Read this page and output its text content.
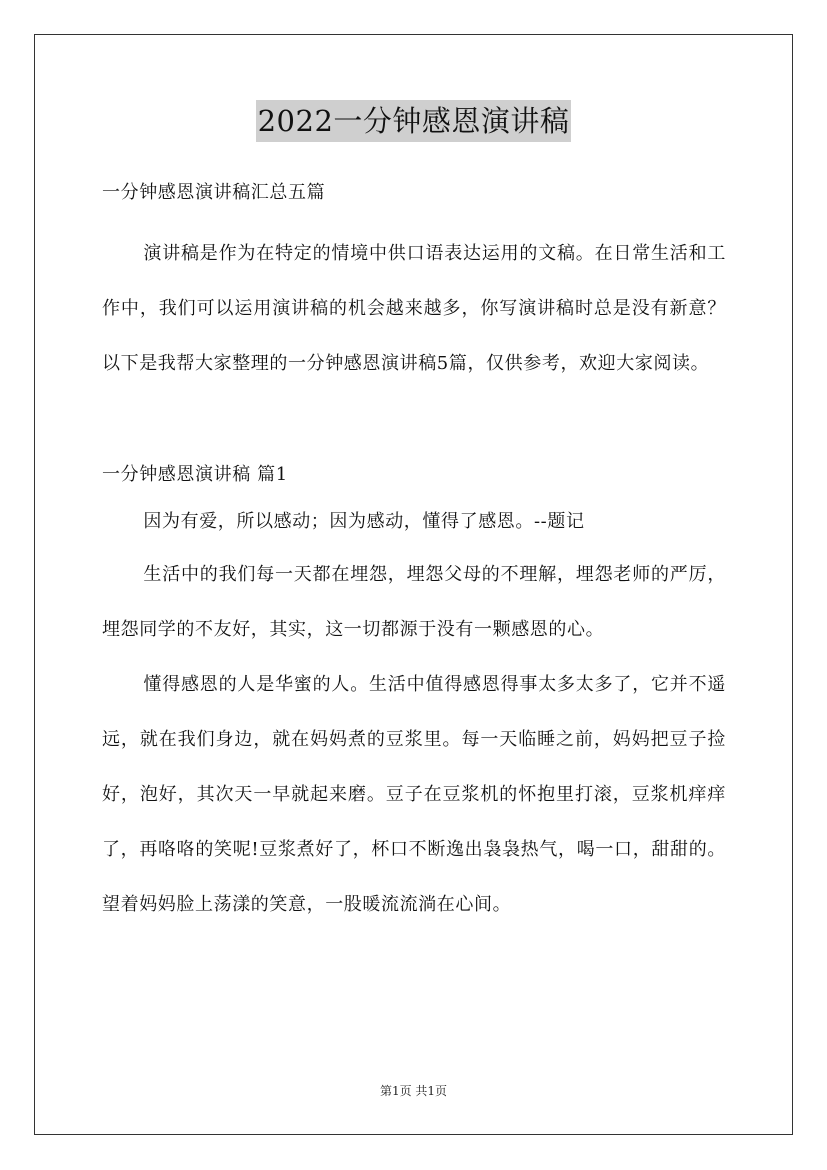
2022一分钟感恩演讲稿

一分钟感恩演讲稿汇总五篇

演讲稿是作为在特定的情境中供口语表达运用的文稿。在日常生活和工作中，我们可以运用演讲稿的机会越来越多，你写演讲稿时总是没有新意？以下是我帮大家整理的一分钟感恩演讲稿5篇，仅供参考，欢迎大家阅读。

一分钟感恩演讲稿 篇1

因为有爱，所以感动；因为感动，懂得了感恩。--题记

生活中的我们每一天都在埋怨，埋怨父母的不理解，埋怨老师的严厉，埋怨同学的不友好，其实，这一切都源于没有一颗感恩的心。

懂得感恩的人是华蜜的人。生活中值得感恩得事太多太多了，它并不遥远，就在我们身边，就在妈妈煮的豆浆里。每一天临睡之前，妈妈把豆子捡好，泡好，其次天一早就起来磨。豆子在豆浆机的怀抱里打滚，豆浆机痒痒了，再咯咯的笑呢!豆浆煮好了，杯口不断逸出袅袅热气，喝一口，甜甜的。望着妈妈脸上荡漾的笑意，一股暖流流淌在心间。

第1页 共1页
